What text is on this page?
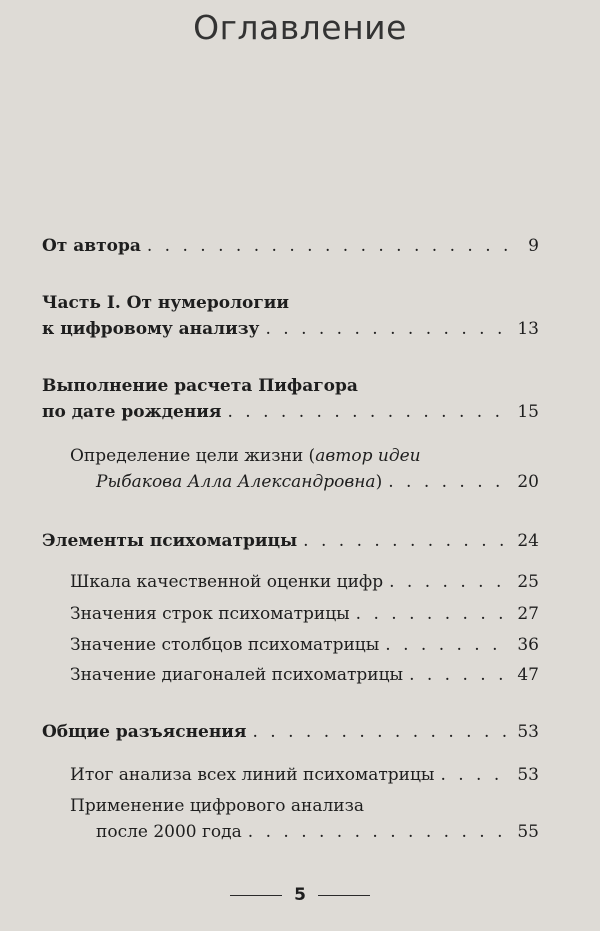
Оглавление
От автора . . .	9
Часть I. От нумерологии
к цифровому анализу . . .	13
Выполнение расчета Пифагора
по дате рождения . . .	15
Определение цели жизни (автор идеи
Рыбакова Алла Александровна) . . .	20
Элементы психоматрицы . . .	24
Шкала качественной оценки цифр . . .	25
Значения строк психоматрицы . . .	27
Значение столбцов психоматрицы . . .	36
Значение диагоналей психоматрицы . . .	47
Общие разъяснения . . .	53
Итог анализа всех линий психоматрицы . . .	53
Применение цифрового анализа
после 2000 года . . .	55
5
